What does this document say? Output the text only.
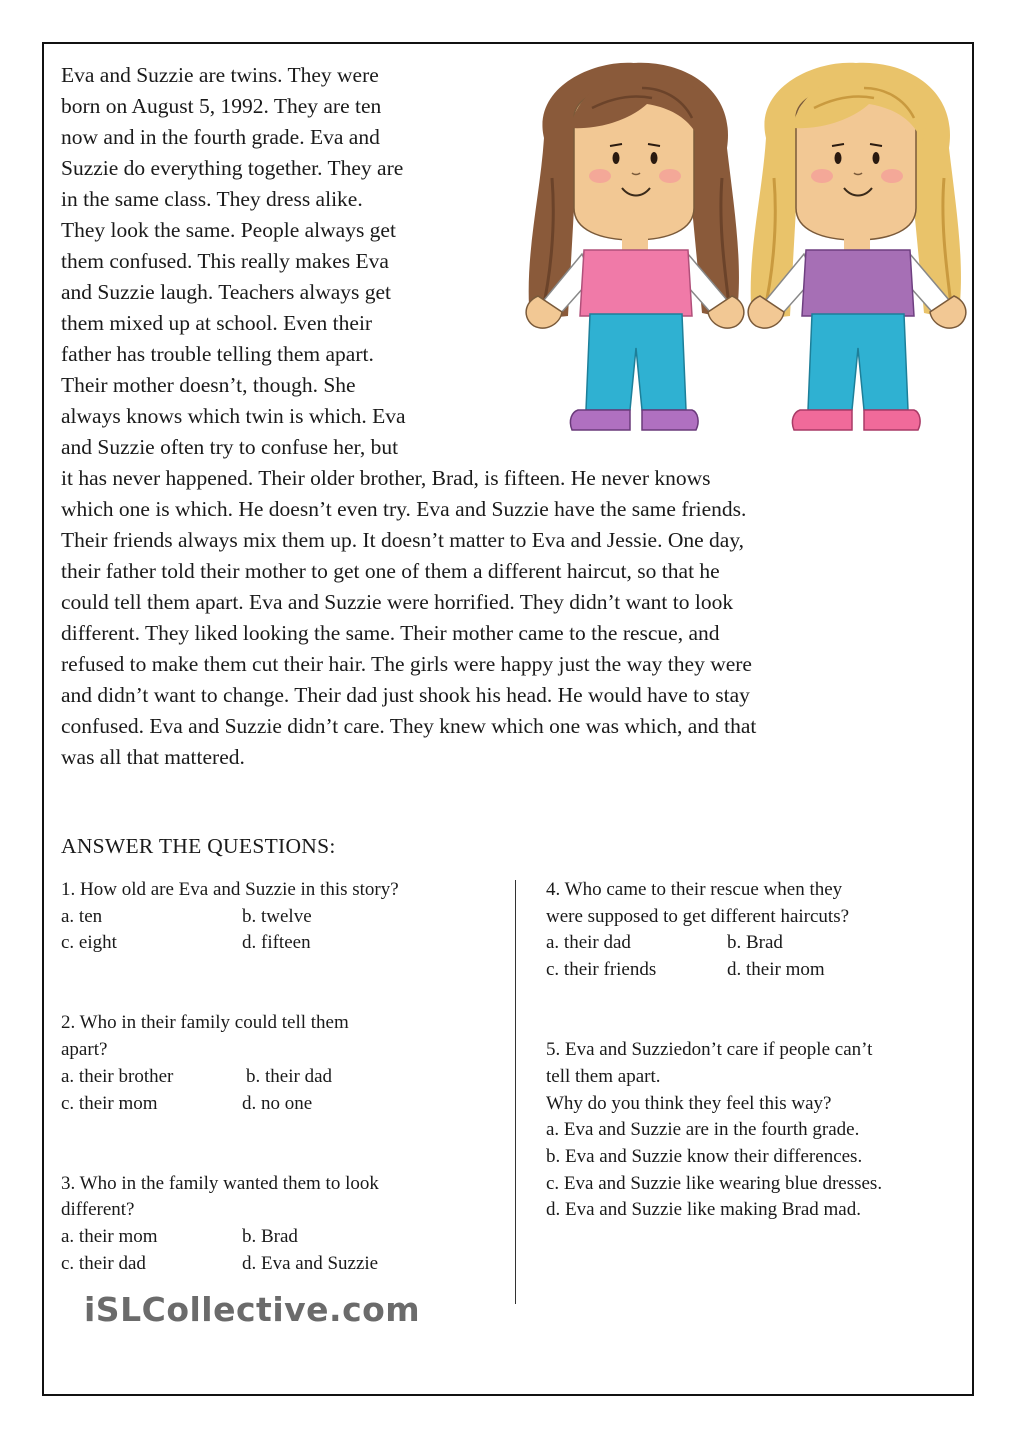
Eva and Suzzie are twins. They were
born on August 5, 1992. They are ten
now and in the fourth grade. Eva and
Suzzie do everything together. They are
in the same class. They dress alike.
They look the same. People always get
them confused. This really makes Eva
and Suzzie laugh. Teachers always get
them mixed up at school. Even their
father has trouble telling them apart.
Their mother doesn’t, though. She
always knows which twin is which. Eva
and Suzzie often try to confuse her, but
it has never happened. Their older brother, Brad, is fifteen. He never knows
which one is which. He doesn’t even try. Eva and Suzzie have the same friends.
Their friends always mix them up. It doesn’t matter to Eva and Jessie. One day,
their father told their mother to get one of them a different haircut, so that he
could tell them apart. Eva and Suzzie were horrified. They didn’t want to look
different. They liked looking the same. Their mother came to the rescue, and
refused to make them cut their hair. The girls were happy just the way they were
and didn’t want to change. Their dad just shook his head. He would have to stay
confused. Eva and Suzzie didn’t care. They knew which one was which, and that
was all that mattered.
ANSWER THE QUESTIONS:
1. How old are Eva and Suzzie in this story?
a. ten	b. twelve
c. eight	d. fifteen
2. Who in their family could tell them
apart?
a. their brother	b. their dad
c. their mom	d. no one
3. Who in the family wanted them to look
different?
a. their mom	b. Brad
c. their dad	d. Eva and Suzzie
4. Who came to their rescue when they
were supposed to get different haircuts?
a. their dad	b. Brad
c. their friends	d. their mom
5. Eva and Suzziedon’t care if people can’t
tell them apart.
Why do you think they feel this way?
a. Eva and Suzzie are in the fourth grade.
b. Eva and Suzzie know their differences.
c. Eva and Suzzie like wearing blue dresses.
d. Eva and Suzzie like making Brad mad.
iSLCollective.com
